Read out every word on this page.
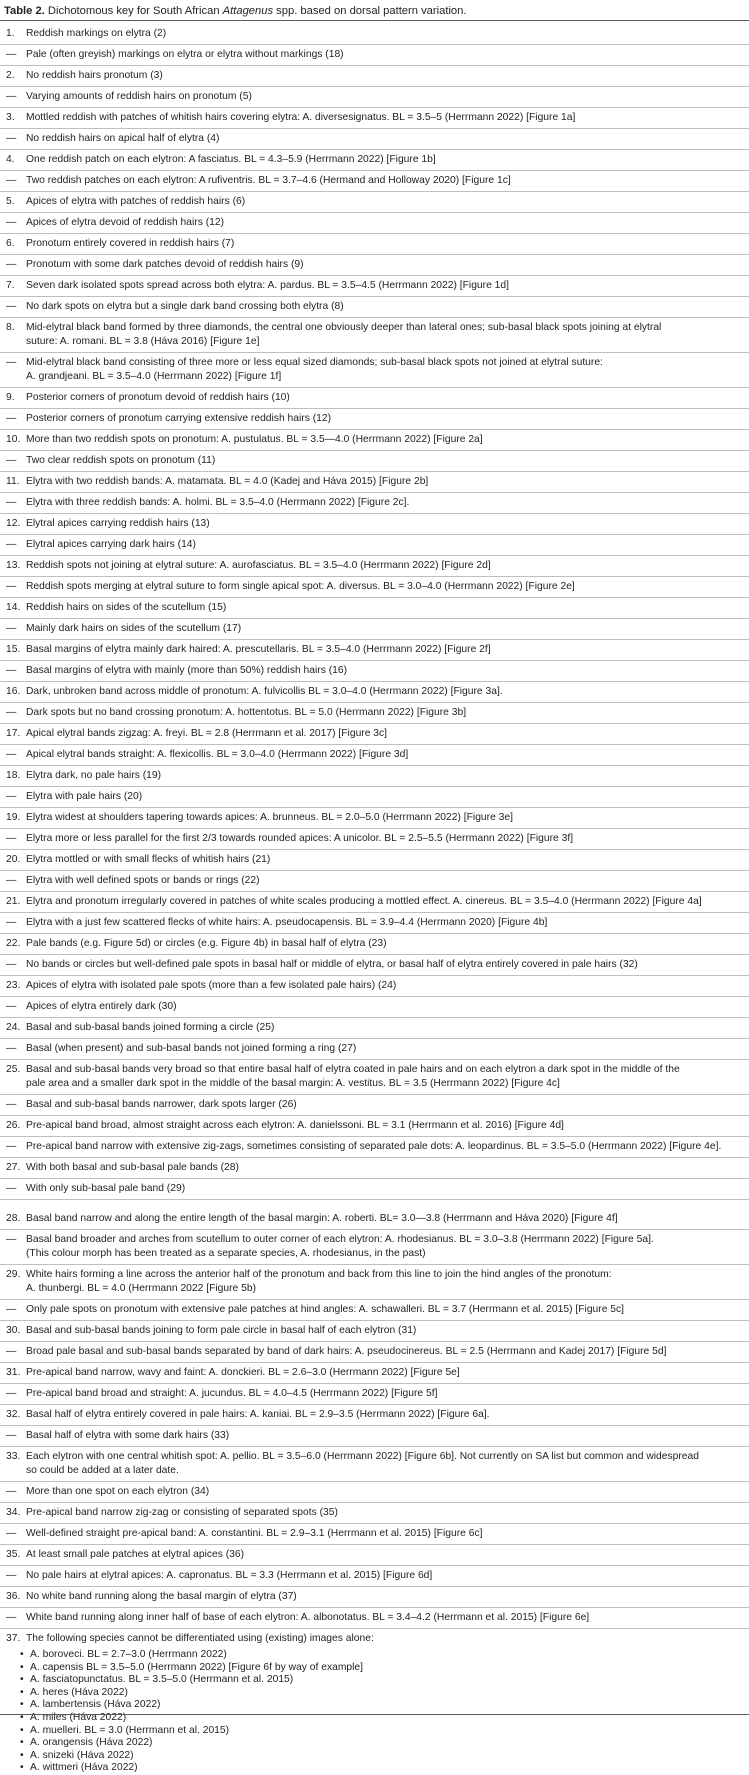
Table 2. Dichotomous key for South African Attagenus spp. based on dorsal pattern variation.
1.	Reddish markings on elytra (2)
— Pale (often greyish) markings on elytra or elytra without markings (18)
2.	No reddish hairs pronotum (3)
— Varying amounts of reddish hairs on pronotum (5)
3.	Mottled reddish with patches of whitish hairs covering elytra: A. diversesignatus. BL = 3.5–5 (Herrmann 2022) [Figure 1a]
— No reddish hairs on apical half of elytra (4)
4.	One reddish patch on each elytron: A fasciatus. BL = 4.3–5.9 (Herrmann 2022) [Figure 1b]
— Two reddish patches on each elytron: A rufiventris. BL = 3.7–4.6 (Hermand and Holloway 2020) [Figure 1c]
5.	Apices of elytra with patches of reddish hairs (6)
— Apices of elytra devoid of reddish hairs (12)
6.	Pronotum entirely covered in reddish hairs (7)
— Pronotum with some dark patches devoid of reddish hairs (9)
7.	Seven dark isolated spots spread across both elytra: A. pardus. BL = 3.5–4.5 (Herrmann 2022) [Figure 1d]
— No dark spots on elytra but a single dark band crossing both elytra (8)
8.	Mid-elytral black band formed by three diamonds, the central one obviously deeper than lateral ones; sub-basal black spots joining at elytral
suture: A. romani. BL = 3.8 (Háva 2016) [Figure 1e]
— Mid-elytral black band consisting of three more or less equal sized diamonds; sub-basal black spots not joined at elytral suture:
A. grandjeani. BL = 3.5–4.0 (Herrmann 2022) [Figure 1f]
9.	Posterior corners of pronotum devoid of reddish hairs (10)
— Posterior corners of pronotum carrying extensive reddish hairs (12)
10. More than two reddish spots on pronotum: A. pustulatus. BL = 3.5—4.0 (Herrmann 2022) [Figure 2a]
— Two clear reddish spots on pronotum (11)
11. Elytra with two reddish bands: A. matamata. BL = 4.0 (Kadej and Háva 2015) [Figure 2b]
— Elytra with three reddish bands: A. holmi. BL = 3.5–4.0 (Herrmann 2022) [Figure 2c].
12. Elytral apices carrying reddish hairs (13)
— Elytral apices carrying dark hairs (14)
13. Reddish spots not joining at elytral suture: A. aurofasciatus. BL = 3.5–4.0 (Herrmann 2022) [Figure 2d]
— Reddish spots merging at elytral suture to form single apical spot: A. diversus. BL = 3.0–4.0 (Herrmann 2022) [Figure 2e]
14. Reddish hairs on sides of the scutellum (15)
— Mainly dark hairs on sides of the scutellum (17)
15. Basal margins of elytra mainly dark haired: A. prescutellaris. BL = 3.5–4.0 (Herrmann 2022) [Figure 2f]
— Basal margins of elytra with mainly (more than 50%) reddish hairs (16)
16. Dark, unbroken band across middle of pronotum: A. fulvicollis BL = 3.0–4.0 (Herrmann 2022) [Figure 3a].
— Dark spots but no band crossing pronotum: A. hottentotus. BL = 5.0 (Herrmann 2022) [Figure 3b]
17. Apical elytral bands zigzag: A. freyi. BL = 2.8 (Herrmann et al. 2017) [Figure 3c]
— Apical elytral bands straight: A. flexicollis. BL = 3.0–4.0 (Herrmann 2022) [Figure 3d]
18. Elytra dark, no pale hairs (19)
— Elytra with pale hairs (20)
19. Elytra widest at shoulders tapering towards apices: A. brunneus. BL = 2.0–5.0 (Herrmann 2022) [Figure 3e]
— Elytra more or less parallel for the first 2/3 towards rounded apices: A unicolor. BL = 2.5–5.5 (Herrmann 2022) [Figure 3f]
20. Elytra mottled or with small flecks of whitish hairs (21)
— Elytra with well defined spots or bands or rings (22)
21. Elytra and pronotum irregularly covered in patches of white scales producing a mottled effect. A. cinereus. BL = 3.5–4.0 (Herrmann 2022) [Figure 4a]
— Elytra with a just few scattered flecks of white hairs: A. pseudocapensis. BL = 3.9–4.4 (Herrmann 2020) [Figure 4b]
22. Pale bands (e.g. Figure 5d) or circles (e.g. Figure 4b) in basal half of elytra (23)
— No bands or circles but well-defined pale spots in basal half or middle of elytra, or basal half of elytra entirely covered in pale hairs (32)
23. Apices of elytra with isolated pale spots (more than a few isolated pale hairs) (24)
— Apices of elytra entirely dark (30)
24. Basal and sub-basal bands joined forming a circle (25)
— Basal (when present) and sub-basal bands not joined forming a ring (27)
25. Basal and sub-basal bands very broad so that entire basal half of elytra coated in pale hairs and on each elytron a dark spot in the middle of the
pale area and a smaller dark spot in the middle of the basal margin: A. vestitus. BL = 3.5 (Herrmann 2022) [Figure 4c]
— Basal and sub-basal bands narrower, dark spots larger (26)
26. Pre-apical band broad, almost straight across each elytron: A. danielssoni. BL = 3.1 (Herrmann et al. 2016) [Figure 4d]
— Pre-apical band narrow with extensive zig-zags, sometimes consisting of separated pale dots: A. leopardinus. BL = 3.5–5.0 (Herrmann 2022) [Figure 4e].
27. With both basal and sub-basal pale bands (28)
— With only sub-basal pale band (29)
28. Basal band narrow and along the entire length of the basal margin: A. roberti. BL= 3.0—3.8 (Herrmann and Háva 2020) [Figure 4f]
— Basal band broader and arches from scutellum to outer corner of each elytron: A. rhodesianus. BL = 3.0–3.8 (Herrmann 2022) [Figure 5a].
(This colour morph has been treated as a separate species, A. rhodesianus, in the past)
29. White hairs forming a line across the anterior half of the pronotum and back from this line to join the hind angles of the pronotum:
A. thunbergi. BL = 4.0 (Herrmann 2022 [Figure 5b)
— Only pale spots on pronotum with extensive pale patches at hind angles: A. schawalleri. BL = 3.7 (Herrmann et al. 2015) [Figure 5c]
30. Basal and sub-basal bands joining to form pale circle in basal half of each elytron (31)
— Broad pale basal and sub-basal bands separated by band of dark hairs: A. pseudocinereus. BL = 2.5 (Herrmann and Kadej 2017) [Figure 5d]
31. Pre-apical band narrow, wavy and faint: A. donckieri. BL = 2.6–3.0 (Herrmann 2022) [Figure 5e]
— Pre-apical band broad and straight: A. jucundus. BL = 4.0–4.5 (Herrmann 2022) [Figure 5f]
32. Basal half of elytra entirely covered in pale hairs: A. kaniai. BL = 2.9–3.5 (Herrmann 2022) [Figure 6a].
— Basal half of elytra with some dark hairs (33)
33. Each elytron with one central whitish spot: A. pellio. BL = 3.5–6.0 (Herrmann 2022) [Figure 6b]. Not currently on SA list but common and widespread
so could be added at a later date.
— More than one spot on each elytron (34)
34. Pre-apical band narrow zig-zag or consisting of separated spots (35)
— Well-defined straight pre-apical band: A. constantini. BL = 2.9–3.1 (Herrmann et al. 2015) [Figure 6c]
35. At least small pale patches at elytral apices (36)
— No pale hairs at elytral apices: A. capronatus. BL = 3.3 (Herrmann et al. 2015) [Figure 6d]
36. No white band running along the basal margin of elytra (37)
— White band running along inner half of base of each elytron: A. albonotatus. BL = 3.4–4.2 (Herrmann et al. 2015) [Figure 6e]
37. The following species cannot be differentiated using (existing) images alone:
• A. boroveci. BL = 2.7–3.0 (Herrmann 2022)
• A. capensis BL = 3.5–5.0 (Herrmann 2022) [Figure 6f by way of example]
• A. fasciatopunctatus. BL = 3.5–5.0 (Herrmann et al. 2015)
• A. heres (Háva 2022)
• A. lambertensis (Háva 2022)
• A. miles (Háva 2022)
• A. muelleri. BL = 3.0 (Herrmann et al. 2015)
• A. orangensis (Háva 2022)
• A. snizeki (Háva 2022)
• A. wittmeri (Háva 2022)
